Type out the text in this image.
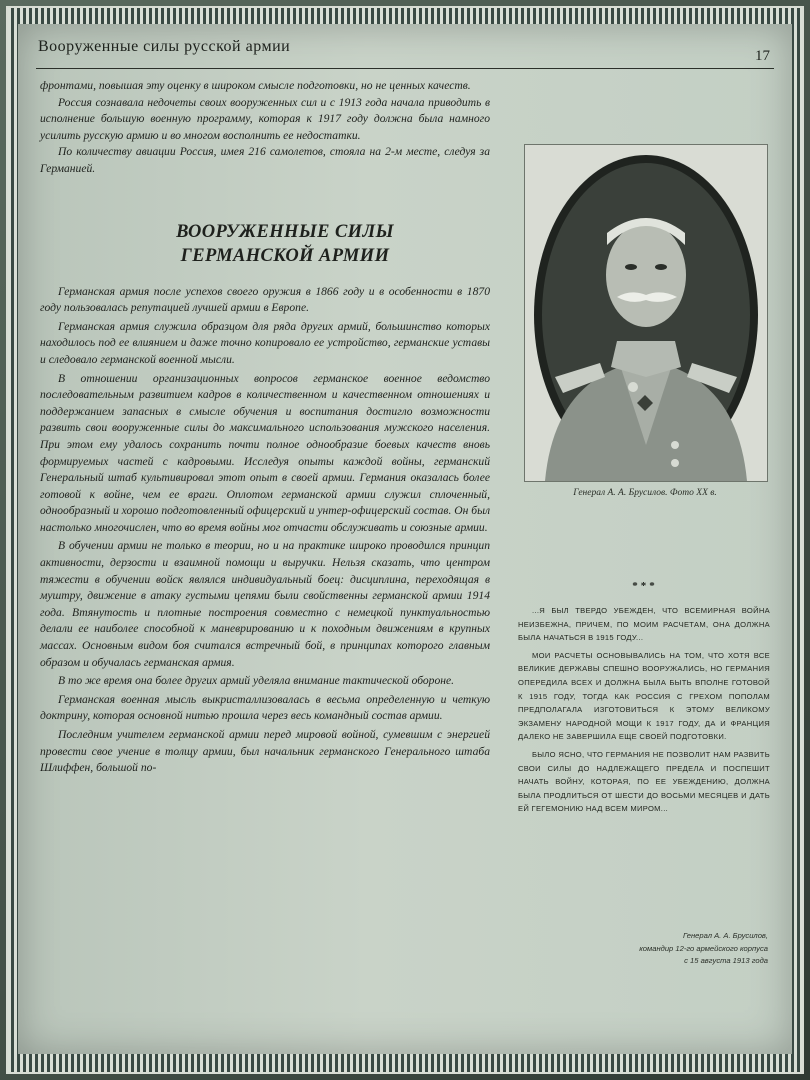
Вооруженные силы русской армии
17

фронтами, повышая эту оценку в широком смысле подготовки, но не ценных качеств.

Россия сознавала недочеты своих вооруженных сил и с 1913 года начала приводить в исполнение большую военную программу, которая к 1917 году должна была намного усилить русскую армию и во многом восполнить ее недостатки.

По количеству авиации Россия, имея 216 самолетов, стояла на 2-м месте, следуя за Германией.

ВООРУЖЕННЫЕ СИЛЫ
ГЕРМАНСКОЙ АРМИИ

Германская армия после успехов своего оружия в 1866 году и в особенности в 1870 году пользовалась репутацией лучшей армии в Европе.

Германская армия служила образцом для ряда других армий, большинство которых находилось под ее влиянием и даже точно копировало ее устройство, германские уставы и следовало германской военной мысли.

В отношении организационных вопросов германское военное ведомство последовательным развитием кадров в количественном и качественном отношениях и поддержанием запасных в смысле обучения и воспитания достигло возможности развить свои вооруженные силы до максимального использования мужского населения. При этом ему удалось сохранить почти полное однообразие боевых качеств вновь формируемых частей с кадровыми. Исследуя опыты каждой войны, германский Генеральный штаб культивировал этот опыт в своей армии. Германия оказалась более готовой к войне, чем ее враги. Оплотом германской армии служил сплоченный, однообразный и хорошо подготовленный офицерский и унтер-офицерский состав. Он был настолько многочислен, что во время войны мог отчасти обслуживать и союзные армии.

В обучении армии не только в теории, но и на практике широко проводился принцип активности, дерзости и взаимной помощи и выручки. Нельзя сказать, что центром тяжести в обучении войск являлся индивидуальный боец: дисциплина, переходящая в муштру, движение в атаку густыми цепями были свойственны германской армии 1914 года. Втянутость и плотные построения совместно с немецкой пунктуальностью делали ее наиболее способной к маневрированию и к походным движениям в крупных массах. Основным видом боя считался встречный бой, в принципах которого главным образом и обучалась германская армия.

В то же время она более других армий уделяла внимание тактической обороне.

Германская военная мысль выкристаллизовалась в весьма определенную и четкую доктрину, которая основной нитью прошла через весь командный состав армии.

Последним учителем германской армии перед мировой войной, сумевшим с энергией провести свое учение в толщу армии, был начальник германского Генерального штаба Шлиффен, большой по-

Генерал А. А. Брусилов. Фото XX в.
***

...Я БЫЛ ТВЕРДО УБЕЖДЕН, ЧТО ВСЕМИРНАЯ ВОЙНА НЕИЗБЕЖНА, ПРИЧЕМ, ПО МОИМ РАСЧЕТАМ, ОНА ДОЛЖНА БЫЛА НАЧАТЬСЯ В 1915 ГОДУ...

МОИ РАСЧЕТЫ ОСНОВЫВАЛИСЬ НА ТОМ, ЧТО ХОТЯ ВСЕ ВЕЛИКИЕ ДЕРЖАВЫ СПЕШНО ВООРУЖАЛИСЬ, НО ГЕРМАНИЯ ОПЕРЕДИЛА ВСЕХ И ДОЛЖНА БЫЛА БЫТЬ ВПОЛНЕ ГОТОВОЙ К 1915 ГОДУ, ТОГДА КАК РОССИЯ С ГРЕХОМ ПОПОЛАМ ПРЕДПОЛАГАЛА ИЗГОТОВИТЬСЯ К ЭТОМУ ВЕЛИКОМУ ЭКЗАМЕНУ НАРОДНОЙ МОЩИ К 1917 ГОДУ, ДА И ФРАНЦИЯ ДАЛЕКО НЕ ЗАВЕРШИЛА ЕЩЕ СВОЕЙ ПОДГОТОВКИ.

БЫЛО ЯСНО, ЧТО ГЕРМАНИЯ НЕ ПОЗВОЛИТ НАМ РАЗВИТЬ СВОИ СИЛЫ ДО НАДЛЕЖАЩЕГО ПРЕДЕЛА И ПОСПЕШИТ НАЧАТЬ ВОЙНУ, КОТОРАЯ, ПО ЕЕ УБЕЖДЕНИЮ, ДОЛЖНА БЫЛА ПРОДЛИТЬСЯ ОТ ШЕСТИ ДО ВОСЬМИ МЕСЯЦЕВ И ДАТЬ ЕЙ ГЕГЕМОНИЮ НАД ВСЕМ МИРОМ...

Генерал А. А. Брусилов,
командир 12-го армейского корпуса
с 15 августа 1913 года
